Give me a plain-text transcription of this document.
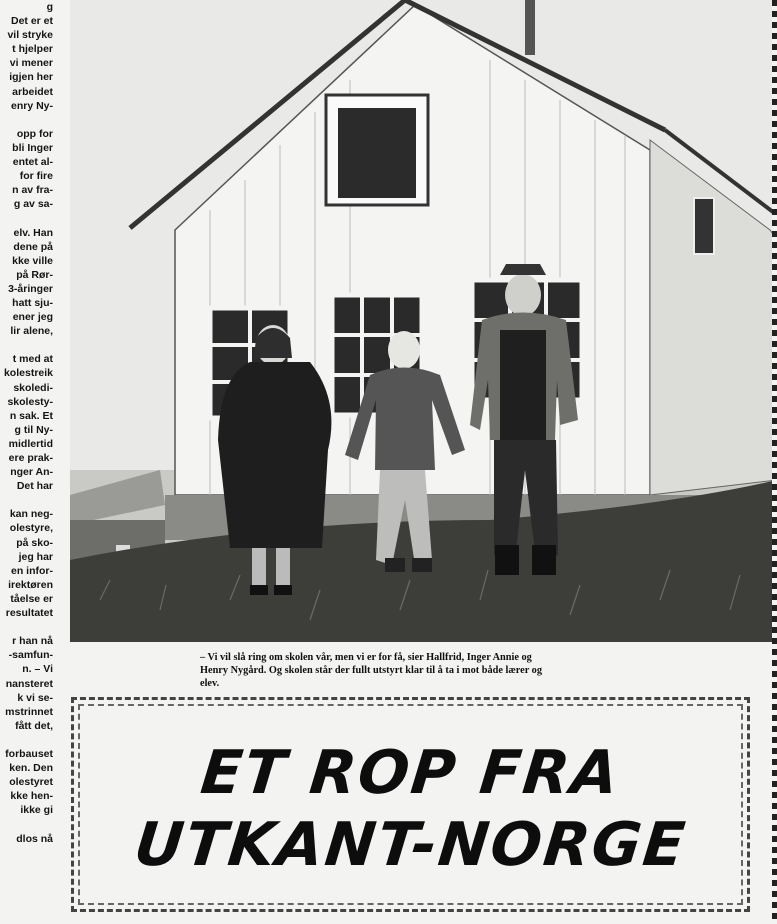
g
Det er et
vil stryke
t hjelper
vi mener
igjen her
arbeidet
enry Ny-
opp for
bli Inger
entet al-
for fire
n av fra-
g av sa-
elv. Han
dene på
kke ville
på Rør-
3-åringer
hatt sju-
ener jeg
lir alene,
t med at
kolestreik
skoledi-
skolesty-
n sak. Et
g til Ny-
midlertid
ere prak-
nger An-
Det har
kan neg-
olestyre,
på sko-
jeg har
en infor-
irektøren
tåelse er
resultatet
r han nå
-samfun-
n. – Vi
nansteret
k vi se-
mstrinnet
fått det,
forbauset
ken. Den
olestyret
kke hen-
ikke gi
dlos nå
– Vi vil slå ring om skolen vår, men vi er for få, sier Hallfrid, Inger Annie og
Henry Nygård. Og skolen står der fullt utstyrt klar til å ta i mot både lærer og
elev.
ET ROP FRA
UTKANT-NORGE
